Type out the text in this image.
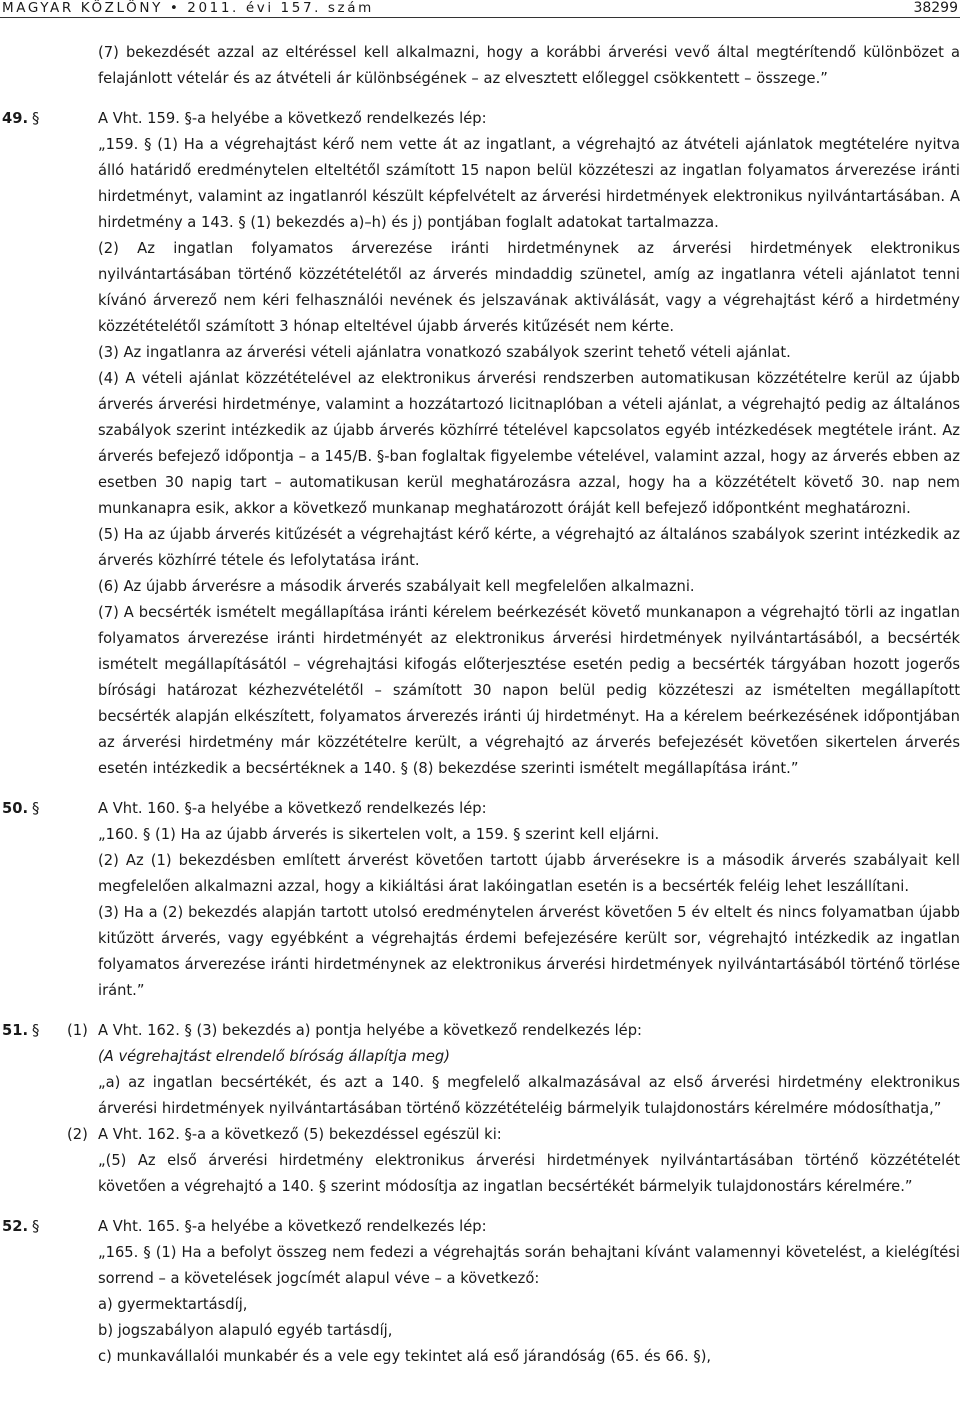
MAGYAR KÖZLÖNY • 2011. évi 157. szám	38299
(7) bekezdését azzal az eltéréssel kell alkalmazni, hogy a korábbi árverési vevő által megtérítendő különbözet a felajánlott vételár és az átvételi ár különbségének – az elvesztett előleggel csökkentett – összege.”
49. §	A Vht. 159. §-a helyébe a következő rendelkezés lép:
„159. § (1) Ha a végrehajtást kérő nem vette át az ingatlant, a végrehajtó az átvételi ajánlatok megtételére nyitva álló határidő eredménytelen elteltétől számított 15 napon belül közzéteszi az ingatlan folyamatos árverezése iránti hirdetményt, valamint az ingatlanról készült képfelvételt az árverési hirdetmények elektronikus nyilvántartásában. A hirdetmény a 143. § (1) bekezdés a)–h) és j) pontjában foglalt adatokat tartalmazza.
(2) Az ingatlan folyamatos árverezése iránti hirdetménynek az árverési hirdetmények elektronikus nyilvántartásában történő közzétételétől az árverés mindaddig szünetel, amíg az ingatlanra vételi ajánlatot tenni kívánó árverező nem kéri felhasználói nevének és jelszavának aktiválását, vagy a végrehajtást kérő a hirdetmény közzétételétől számított 3 hónap elteltével újabb árverés kitűzését nem kérte.
(3) Az ingatlanra az árverési vételi ajánlatra vonatkozó szabályok szerint tehető vételi ajánlat.
(4) A vételi ajánlat közzétételével az elektronikus árverési rendszerben automatikusan közzétételre kerül az újabb árverés árverési hirdetménye, valamint a hozzátartozó licitnaplóban a vételi ajánlat, a végrehajtó pedig az általános szabályok szerint intézkedik az újabb árverés közhírré tételével kapcsolatos egyéb intézkedések megtétele iránt. Az árverés befejező időpontja – a 145/B. §-ban foglaltak figyelembe vételével, valamint azzal, hogy az árverés ebben az esetben 30 napig tart – automatikusan kerül meghatározásra azzal, hogy ha a közzétételt követő 30. nap nem munkanapra esik, akkor a következő munkanap meghatározott óráját kell befejező időpontként meghatározni.
(5) Ha az újabb árverés kitűzését a végrehajtást kérő kérte, a végrehajtó az általános szabályok szerint intézkedik az árverés közhírré tétele és lefolytatása iránt.
(6) Az újabb árverésre a második árverés szabályait kell megfelelően alkalmazni.
(7) A becsérték ismételt megállapítása iránti kérelem beérkezését követő munkanapon a végrehajtó törli az ingatlan folyamatos árverezése iránti hirdetményét az elektronikus árverési hirdetmények nyilvántartásából, a becsérték ismételt megállapításától – végrehajtási kifogás előterjesztése esetén pedig a becsérték tárgyában hozott jogerős bírósági határozat kézhezvételétől – számított 30 napon belül pedig közzéteszi az ismételten megállapított becsérték alapján elkészített, folyamatos árverezés iránti új hirdetményt. Ha a kérelem beérkezésének időpontjában az árverési hirdetmény már közzétételre került, a végrehajtó az árverés befejezését követően sikertelen árverés esetén intézkedik a becsértéknek a 140. § (8) bekezdése szerinti ismételt megállapítása iránt.”
50. §	A Vht. 160. §-a helyébe a következő rendelkezés lép:
„160. § (1) Ha az újabb árverés is sikertelen volt, a 159. § szerint kell eljárni.
(2) Az (1) bekezdésben említett árverést követően tartott újabb árverésekre is a második árverés szabályait kell megfelelően alkalmazni azzal, hogy a kikiáltási árat lakóingatlan esetén is a becsérték feléig lehet leszállítani.
(3) Ha a (2) bekezdés alapján tartott utolsó eredménytelen árverést követően 5 év eltelt és nincs folyamatban újabb kitűzött árverés, vagy egyébként a végrehajtás érdemi befejezésére került sor, végrehajtó intézkedik az ingatlan folyamatos árverezése iránti hirdetménynek az elektronikus árverési hirdetmények nyilvántartásából történő törlése iránt.”
51. § (1) A Vht. 162. § (3) bekezdés a) pontja helyébe a következő rendelkezés lép:
(A végrehajtást elrendelő bíróság állapítja meg)
„a) az ingatlan becsértékét, és azt a 140. § megfelelő alkalmazásával az első árverési hirdetmény elektronikus árverési hirdetmények nyilvántartásában történő közzétételéig bármelyik tulajdonostárs kérelmére módosíthatja,”
(2) A Vht. 162. §-a a következő (5) bekezdéssel egészül ki:
„(5) Az első árverési hirdetmény elektronikus árverési hirdetmények nyilvántartásában történő közzétételét követően a végrehajtó a 140. § szerint módosítja az ingatlan becsértékét bármelyik tulajdonostárs kérelmére.”
52. §	A Vht. 165. §-a helyébe a következő rendelkezés lép:
„165. § (1) Ha a befolyt összeg nem fedezi a végrehajtás során behajtani kívánt valamennyi követelést, a kielégítési sorrend – a követelések jogcímét alapul véve – a következő:
a) gyermektartásdíj,
b) jogszabályon alapuló egyéb tartásdíj,
c) munkavállalói munkabér és a vele egy tekintet alá eső járandóság (65. és 66. §),
